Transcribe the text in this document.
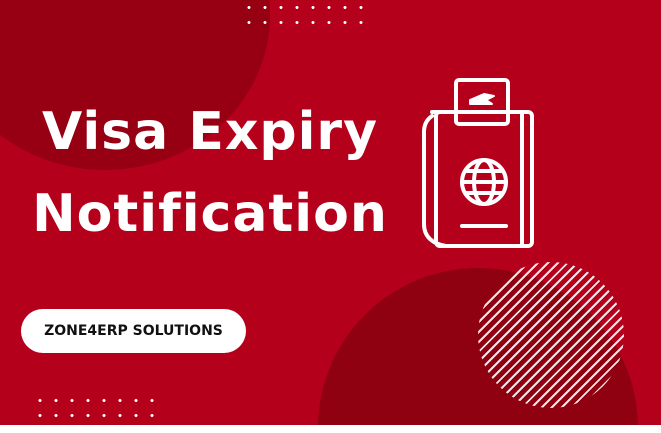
Visa Expiry
Notification
ZONE4ERP SOLUTIONS
